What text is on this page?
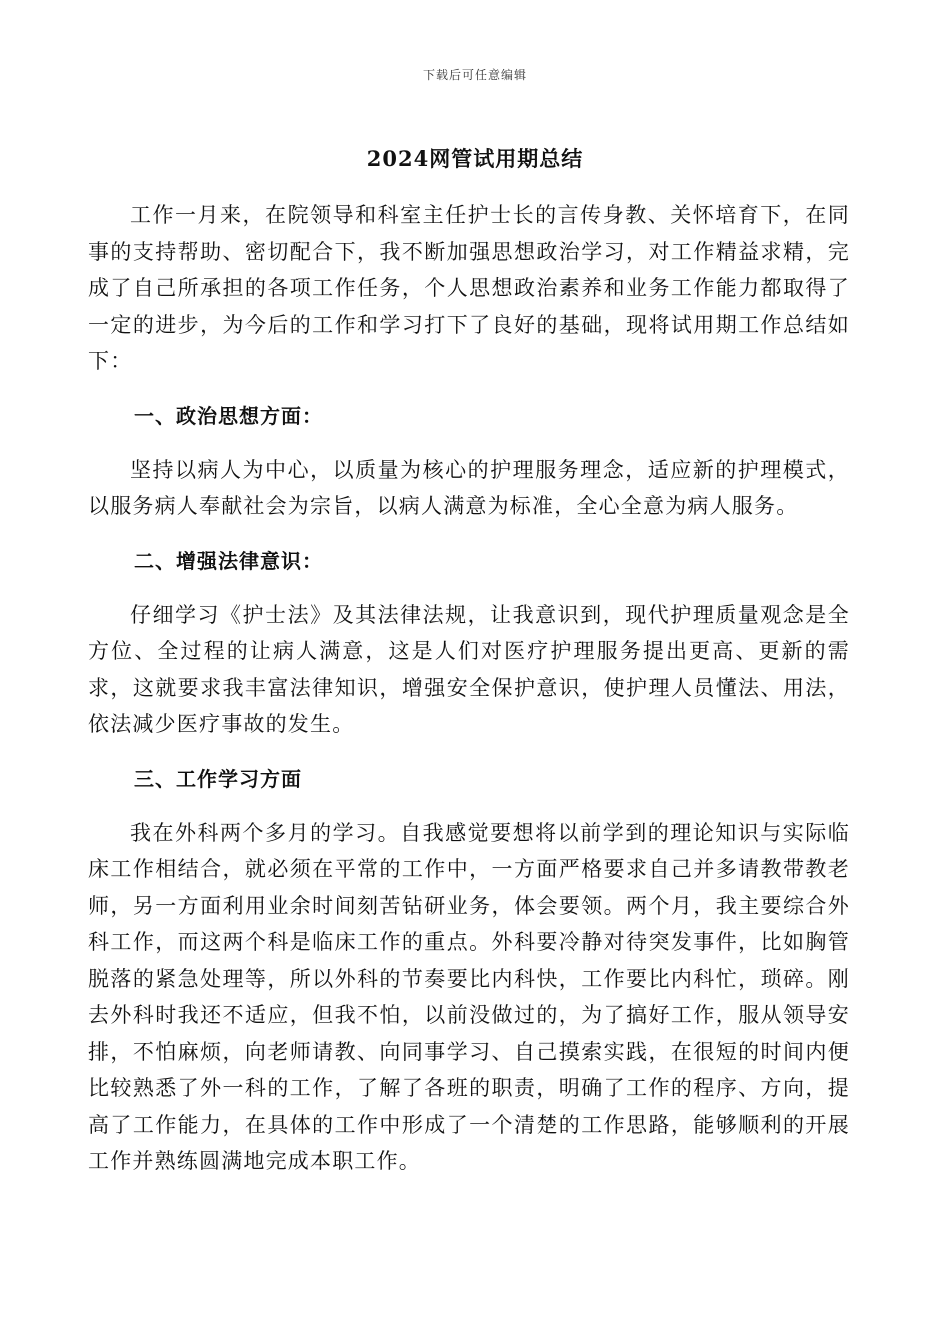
下载后可任意编辑
2024网管试用期总结

工作一月来，在院领导和科室主任护士长的言传身教、关怀培育下，在同事的支持帮助、密切配合下，我不断加强思想政治学习，对工作精益求精，完成了自己所承担的各项工作任务，个人思想政治素养和业务工作能力都取得了一定的进步，为今后的工作和学习打下了良好的基础，现将试用期工作总结如下：

一、政治思想方面：

坚持以病人为中心，以质量为核心的护理服务理念，适应新的护理模式，以服务病人奉献社会为宗旨，以病人满意为标准，全心全意为病人服务。

二、增强法律意识：

仔细学习《护士法》及其法律法规，让我意识到，现代护理质量观念是全方位、全过程的让病人满意，这是人们对医疗护理服务提出更高、更新的需求，这就要求我丰富法律知识，增强安全保护意识，使护理人员懂法、用法，依法减少医疗事故的发生。

三、工作学习方面

我在外科两个多月的学习。自我感觉要想将以前学到的理论知识与实际临床工作相结合，就必须在平常的工作中，一方面严格要求自己并多请教带教老师，另一方面利用业余时间刻苦钻研业务，体会要领。两个月，我主要综合外科工作，而这两个科是临床工作的重点。外科要冷静对待突发事件，比如胸管脱落的紧急处理等，所以外科的节奏要比内科快，工作要比内科忙，琐碎。刚去外科时我还不适应，但我不怕，以前没做过的，为了搞好工作，服从领导安排，不怕麻烦，向老师请教、向同事学习、自己摸索实践，在很短的时间内便比较熟悉了外一科的工作，了解了各班的职责，明确了工作的程序、方向，提高了工作能力，在具体的工作中形成了一个清楚的工作思路，能够顺利的开展工作并熟练圆满地完成本职工作。
